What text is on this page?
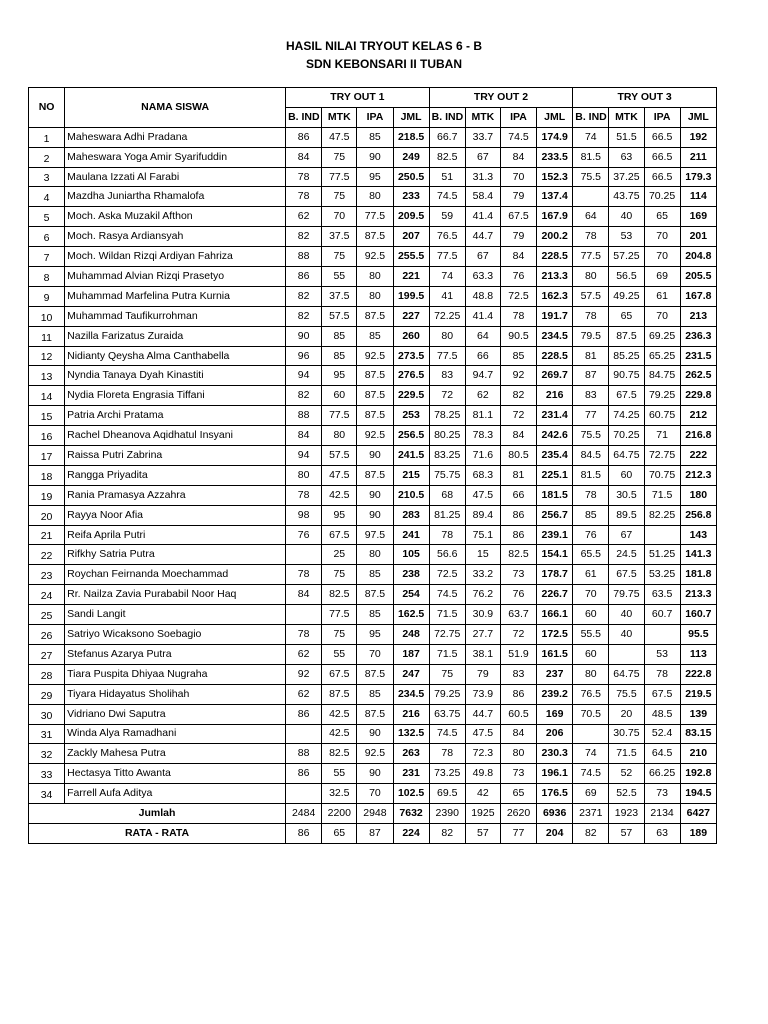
HASIL NILAI TRYOUT KELAS 6 - B
SDN KEBONSARI II TUBAN
NO	NAMA SISWA	TRY OUT 1				TRY OUT 2				TRY OUT 3			
		B. IND	MTK	IPA	JML	B. IND	MTK	IPA	JML	B. IND	MTK	IPA	JML
1	Maheswara Adhi Pradana	86	47.5	85	218.5	66.7	33.7	74.5	174.9	74	51.5	66.5	192
2	Maheswara Yoga Amir Syarifuddin	84	75	90	249	82.5	67	84	233.5	81.5	63	66.5	211
3	Maulana Izzati Al Farabi	78	77.5	95	250.5	51	31.3	70	152.3	75.5	37.25	66.5	179.3
4	Mazdha Juniartha Rhamalofa	78	75	80	233	74.5	58.4	79	137.4		43.75	70.25	114
5	Moch. Aska Muzakil Afthon	62	70	77.5	209.5	59	41.4	67.5	167.9	64	40	65	169
6	Moch. Rasya Ardiansyah	82	37.5	87.5	207	76.5	44.7	79	200.2	78	53	70	201
7	Moch. Wildan Rizqi Ardiyan Fahriza	88	75	92.5	255.5	77.5	67	84	228.5	77.5	57.25	70	204.8
8	Muhammad Alvian Rizqi Prasetyo	86	55	80	221	74	63.3	76	213.3	80	56.5	69	205.5
9	Muhammad Marfelina Putra Kurnia	82	37.5	80	199.5	41	48.8	72.5	162.3	57.5	49.25	61	167.8
10	Muhammad Taufikurrohman	82	57.5	87.5	227	72.25	41.4	78	191.7	78	65	70	213
11	Nazilla Farizatus Zuraida	90	85	85	260	80	64	90.5	234.5	79.5	87.5	69.25	236.3
12	Nidianty Qeysha Alma Canthabella	96	85	92.5	273.5	77.5	66	85	228.5	81	85.25	65.25	231.5
13	Nyndia Tanaya Dyah Kinastiti	94	95	87.5	276.5	83	94.7	92	269.7	87	90.75	84.75	262.5
14	Nydia Floreta Engrasia Tiffani	82	60	87.5	229.5	72	62	82	216	83	67.5	79.25	229.8
15	Patria Archi Pratama	88	77.5	87.5	253	78.25	81.1	72	231.4	77	74.25	60.75	212
16	Rachel Dheanova Aqidhatul Insyani	84	80	92.5	256.5	80.25	78.3	84	242.6	75.5	70.25	71	216.8
17	Raissa Putri Zabrina	94	57.5	90	241.5	83.25	71.6	80.5	235.4	84.5	64.75	72.75	222
18	Rangga Priyadita	80	47.5	87.5	215	75.75	68.3	81	225.1	81.5	60	70.75	212.3
19	Rania Pramasya Azzahra	78	42.5	90	210.5	68	47.5	66	181.5	78	30.5	71.5	180
20	Rayya Noor Afia	98	95	90	283	81.25	89.4	86	256.7	85	89.5	82.25	256.8
21	Reifa Aprila Putri	76	67.5	97.5	241	78	75.1	86	239.1	76	67		143
22	Rifkhy Satria Putra		25	80	105	56.6	15	82.5	154.1	65.5	24.5	51.25	141.3
23	Roychan Feirnanda Moechammad	78	75	85	238	72.5	33.2	73	178.7	61	67.5	53.25	181.8
24	Rr. Nailza Zavia Purababil Noor Haq	84	82.5	87.5	254	74.5	76.2	76	226.7	70	79.75	63.5	213.3
25	Sandi Langit		77.5	85	162.5	71.5	30.9	63.7	166.1	60	40	60.7	160.7
26	Satriyo Wicaksono Soebagio	78	75	95	248	72.75	27.7	72	172.5	55.5	40		95.5
27	Stefanus Azarya Putra	62	55	70	187	71.5	38.1	51.9	161.5	60		53	113
28	Tiara Puspita Dhiyaa Nugraha	92	67.5	87.5	247	75	79	83	237	80	64.75	78	222.8
29	Tiyara Hidayatus Sholihah	62	87.5	85	234.5	79.25	73.9	86	239.2	76.5	75.5	67.5	219.5
30	Vidriano Dwi Saputra	86	42.5	87.5	216	63.75	44.7	60.5	169	70.5	20	48.5	139
31	Winda Alya Ramadhani		42.5	90	132.5	74.5	47.5	84	206		30.75	52.4	83.15
32	Zackly Mahesa Putra	88	82.5	92.5	263	78	72.3	80	230.3	74	71.5	64.5	210
33	Hectasya Titto Awanta	86	55	90	231	73.25	49.8	73	196.1	74.5	52	66.25	192.8
34	Farrell Aufa Aditya		32.5	70	102.5	69.5	42	65	176.5	69	52.5	73	194.5
Jumlah		2484	2200	2948	7632	2390	1925	2620	6936	2371	1923	2134	6427
RATA - RATA		86	65	87	224	82	57	77	204	82	57	63	189
